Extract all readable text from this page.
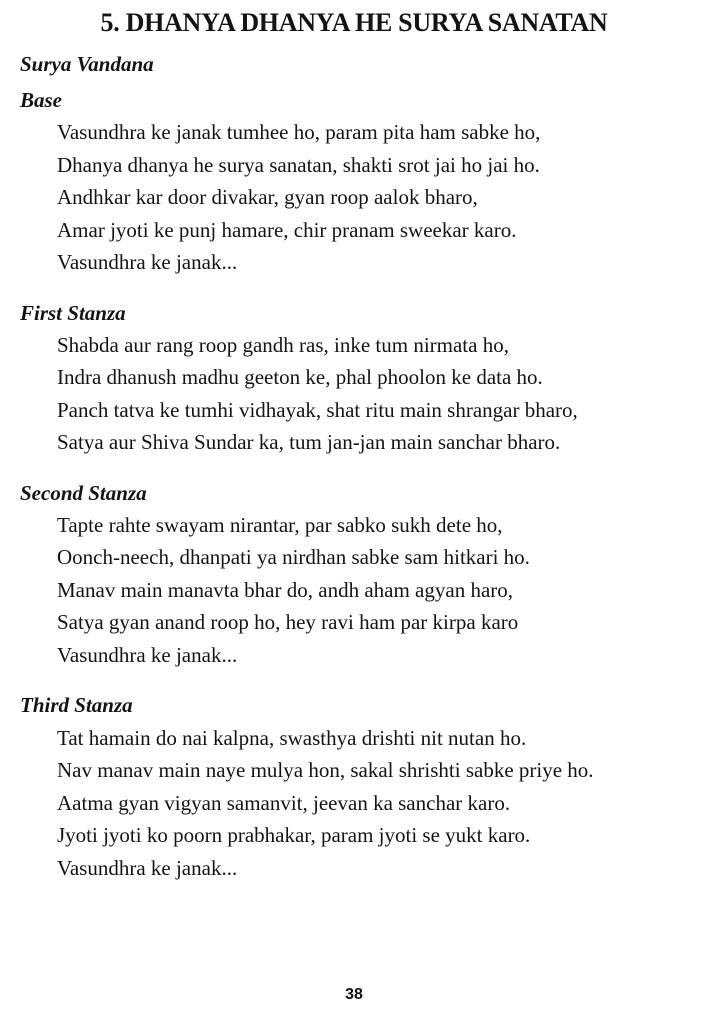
5. DHANYA DHANYA HE SURYA SANATAN
Surya Vandana
Base

Vasundhra ke janak tumhee ho, param pita ham sabke ho,

Dhanya dhanya he surya sanatan, shakti srot jai ho jai ho.

Andhkar kar door divakar, gyan roop aalok bharo,

Amar jyoti ke punj hamare, chir pranam sweekar karo.

Vasundhra ke janak...

First Stanza

Shabda aur rang roop gandh ras, inke tum nirmata ho,

Indra dhanush madhu geeton ke, phal phoolon ke data ho.

Panch tatva ke tumhi vidhayak, shat ritu main shrangar bharo,

Satya aur Shiva Sundar ka, tum jan-jan main sanchar bharo.

Second Stanza

Tapte rahte swayam nirantar, par sabko sukh dete ho,

Oonch-neech, dhanpati ya nirdhan sabke sam hitkari ho.

Manav main manavta bhar do, andh aham agyan haro,

Satya gyan anand roop ho, hey ravi ham par kirpa karo

Vasundhra ke janak...

Third Stanza

Tat hamain do nai kalpna, swasthya drishti nit nutan ho.

Nav manav main naye mulya hon, sakal shrishti sabke priye ho.

Aatma gyan vigyan samanvit, jeevan ka sanchar karo.

Jyoti jyoti ko poorn prabhakar, param jyoti se yukt karo.

Vasundhra ke janak...

38
